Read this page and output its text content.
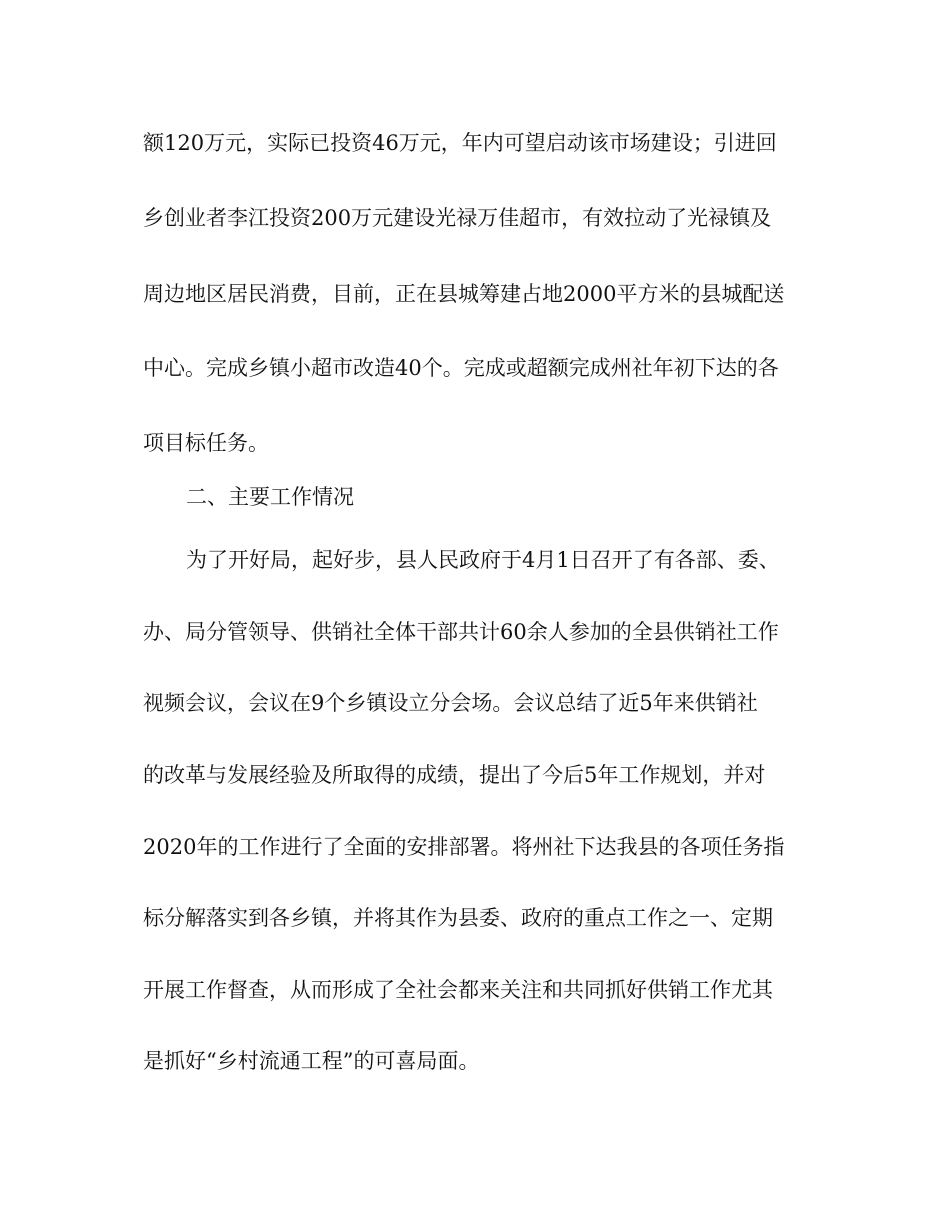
额120万元，实际已投资46万元，年内可望启动该市场建设；引进回
乡创业者李江投资200万元建设光禄万佳超市，有效拉动了光禄镇及
周边地区居民消费，目前，正在县城筹建占地2000平方米的县城配送
中心。完成乡镇小超市改造40个。完成或超额完成州社年初下达的各
项目标任务。
二、主要工作情况
为了开好局，起好步，县人民政府于4月1日召开了有各部、委、
办、局分管领导、供销社全体干部共计60余人参加的全县供销社工作
视频会议，会议在9个乡镇设立分会场。会议总结了近5年来供销社
的改革与发展经验及所取得的成绩，提出了今后5年工作规划，并对
2020年的工作进行了全面的安排部署。将州社下达我县的各项任务指
标分解落实到各乡镇，并将其作为县委、政府的重点工作之一、定期
开展工作督查，从而形成了全社会都来关注和共同抓好供销工作尤其
是抓好“乡村流通工程”的可喜局面。
